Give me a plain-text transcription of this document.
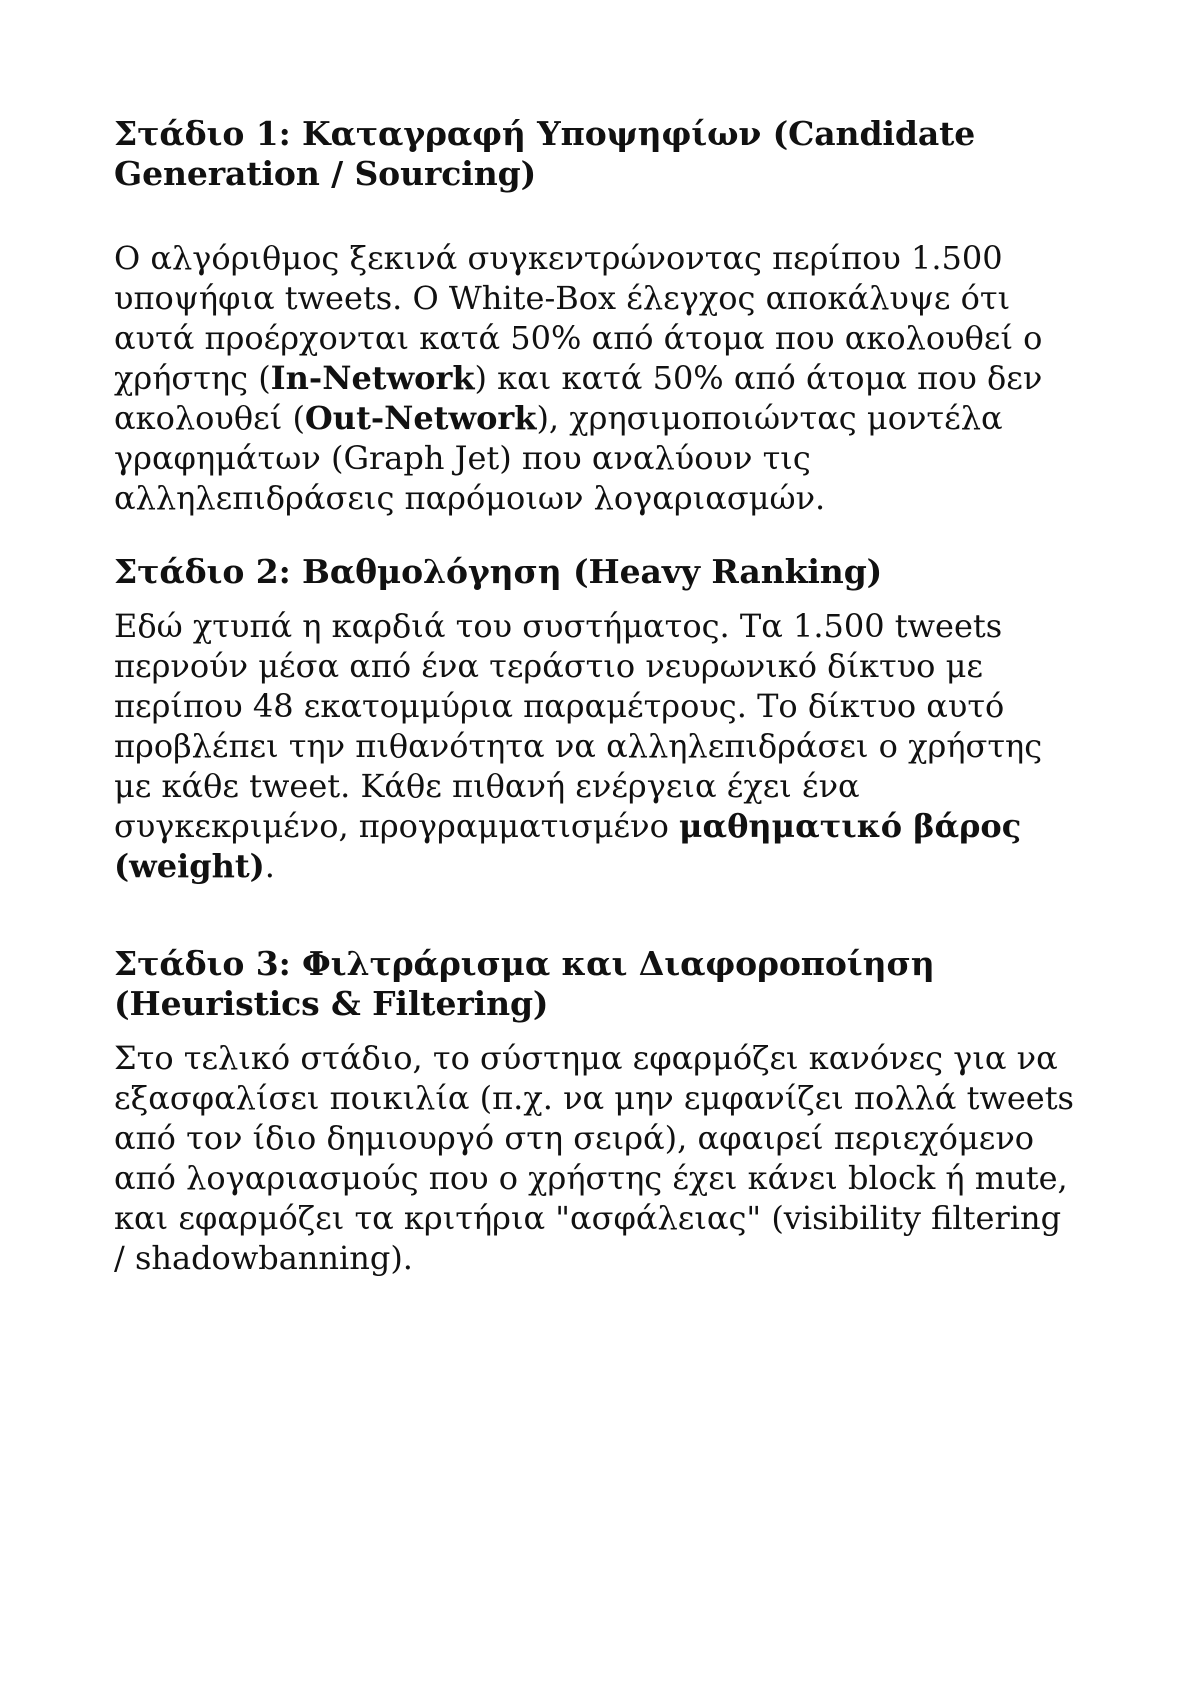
Στάδιο 1: Καταγραφή Υποψηφίων (Candidate Generation / Sourcing)

Ο αλγόριθμος ξεκινά συγκεντρώνοντας περίπου 1.500 υποψήφια tweets. Ο White-Box έλεγχος αποκάλυψε ότι αυτά προέρχονται κατά 50% από άτομα που ακολουθεί ο χρήστης (In-Network) και κατά 50% από άτομα που δεν ακολουθεί (Out-Network), χρησιμοποιώντας μοντέλα γραφημάτων (Graph Jet) που αναλύουν τις αλληλεπιδράσεις παρόμοιων λογαριασμών.

Στάδιο 2: Βαθμολόγηση (Heavy Ranking)

Εδώ χτυπά η καρδιά του συστήματος. Τα 1.500 tweets περνούν μέσα από ένα τεράστιο νευρωνικό δίκτυο με περίπου 48 εκατομμύρια παραμέτρους. Το δίκτυο αυτό προβλέπει την πιθανότητα να αλληλεπιδράσει ο χρήστης με κάθε tweet. Κάθε πιθανή ενέργεια έχει ένα συγκεκριμένο, προγραμματισμένο μαθηματικό βάρος (weight).

Στάδιο 3: Φιλτράρισμα και Διαφοροποίηση (Heuristics & Filtering)

Στο τελικό στάδιο, το σύστημα εφαρμόζει κανόνες για να εξασφαλίσει ποικιλία (π.χ. να μην εμφανίζει πολλά tweets από τον ίδιο δημιουργό στη σειρά), αφαιρεί περιεχόμενο από λογαριασμούς που ο χρήστης έχει κάνει block ή mute, και εφαρμόζει τα κριτήρια "ασφάλειας" (visibility filtering / shadowbanning).
